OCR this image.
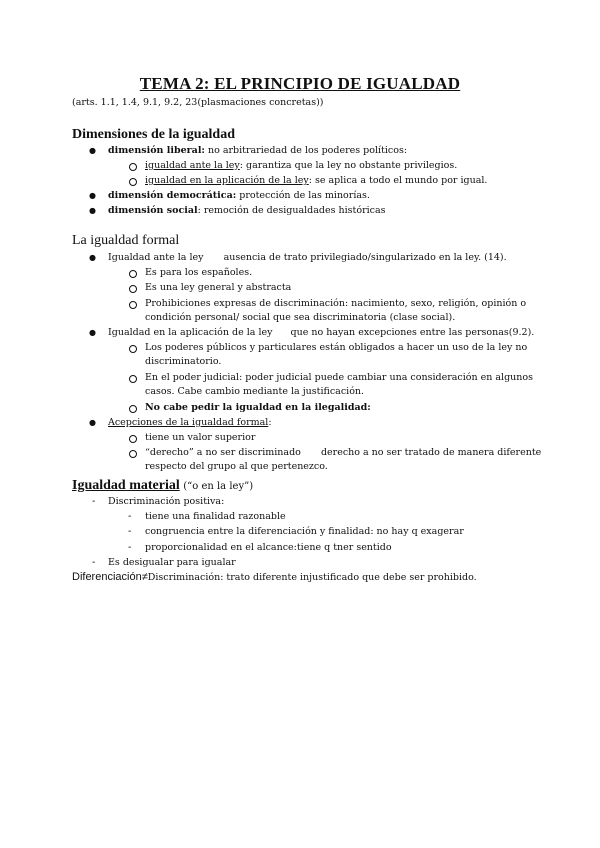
TEMA 2: EL PRINCIPIO DE IGUALDAD
(arts. 1.1, 1.4, 9.1, 9.2, 23(plasmaciones concretas))
Dimensiones de la igualdad
● dimensión liberal: no arbitrariedad de los poderes políticos:
igualdad ante la ley: garantiza que la ley no obstante privilegios.
igualdad en la aplicación de la ley: se aplica a todo el mundo por igual.
● dimensión democrática: protección de las minorías.
● dimensión social: remoción de desigualdades históricas
La igualdad formal
● Igualdad ante la ley ausencia de trato privilegiado/singularizado en la ley. (14).
Es para los españoles.
Es una ley general y abstracta
Prohibiciones expresas de discriminación: nacimiento, sexo, religión, opinión o
condición personal/ social que sea discriminatoria (clase social).
● Igualdad en la aplicación de la ley que no hayan excepciones entre las personas(9.2).
Los poderes públicos y particulares están obligados a hacer un uso de la ley no
discriminatorio.
En el poder judicial: poder judicial puede cambiar una consideración en algunos
casos. Cabe cambio mediante la justificación.
No cabe pedir la igualdad en la ilegalidad:
● Acepciones de la igualdad formal:
tiene un valor superior
“derecho” a no ser discriminado derecho a no ser tratado de manera diferente
respecto del grupo al que pertenezco.
Igualdad material (“o en la ley”)
- Discriminación positiva:
- tiene una finalidad razonable
- congruencia entre la diferenciación y finalidad: no hay q exagerar
- proporcionalidad en el alcance:tiene q tner sentido
- Es desigualar para igualar
Diferenciación≠Discriminación: trato diferente injustificado que debe ser prohibido.
